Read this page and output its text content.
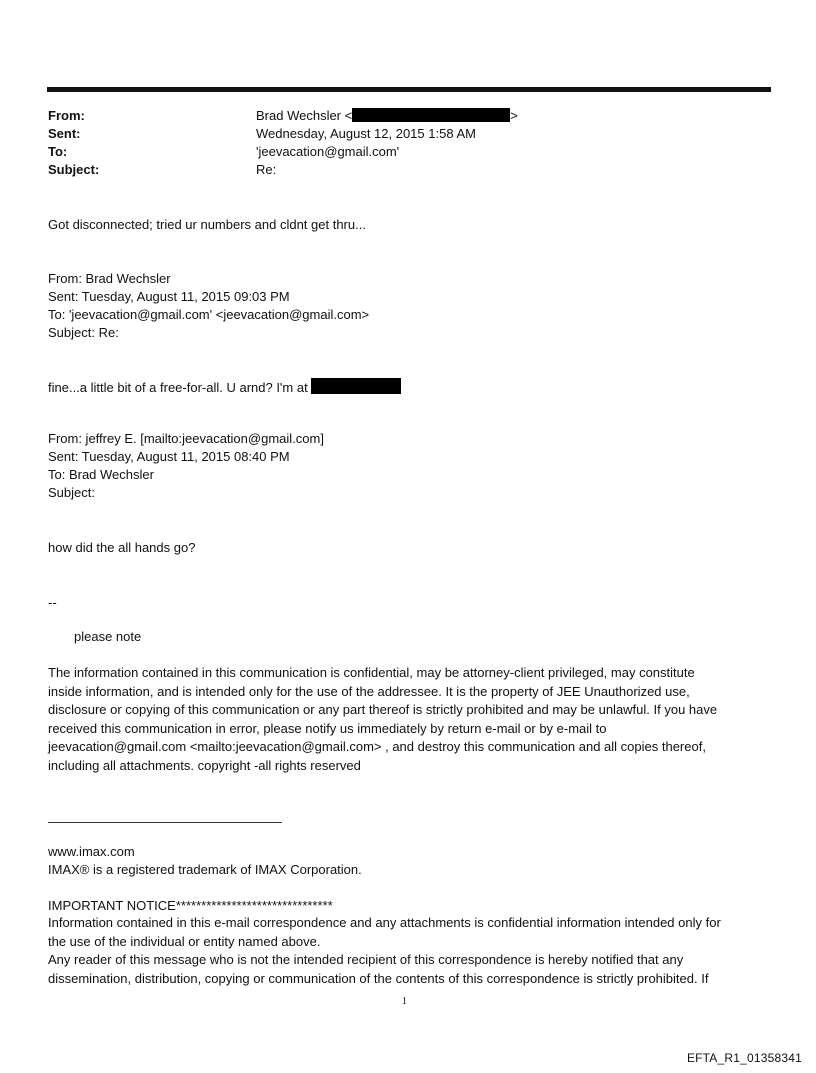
From:	Brad Wechsler <	>
Sent:	Wednesday, August 12, 2015 1:58 AM
To:	'jeevacation@gmail.com'
Subject:	Re:
Got disconnected; tried ur numbers and cldnt get thru...
From: Brad Wechsler
Sent: Tuesday, August 11, 2015 09:03 PM
To: 'jeevacation@gmail.com' <jeevacation@gmail.com>
Subject: Re:
fine...a little bit of a free-for-all. U arnd? I'm at
From: jeffrey E. [mailto:jeevacation@gmail.com]
Sent: Tuesday, August 11, 2015 08:40 PM
To: Brad Wechsler
Subject:
how did the all hands go?
--
please note

The information contained in this communication is confidential, may be attorney-client privileged, may constitute

inside information, and is intended only for the use of the addressee. It is the property of JEE Unauthorized use,

disclosure or copying of this communication or any part thereof is strictly prohibited and may be unlawful. If you have

received this communication in error, please notify us immediately by return e-mail or by e-mail to

jeevacation@gmail.com <mailto:jeevacation@gmail.com> , and destroy this communication and all copies thereof,

including all attachments. copyright -all rights reserved

www.imax.com
IMAX® is a registered trademark of IMAX Corporation.
IMPORTANT NOTICE*******************************

Information contained in this e-mail correspondence and any attachments is confidential information intended only for

the use of the individual or entity named above.

Any reader of this message who is not the intended recipient of this correspondence is hereby notified that any

dissemination, distribution, copying or communication of the contents of this correspondence is strictly prohibited. If

1
EFTA_R1_01358341
